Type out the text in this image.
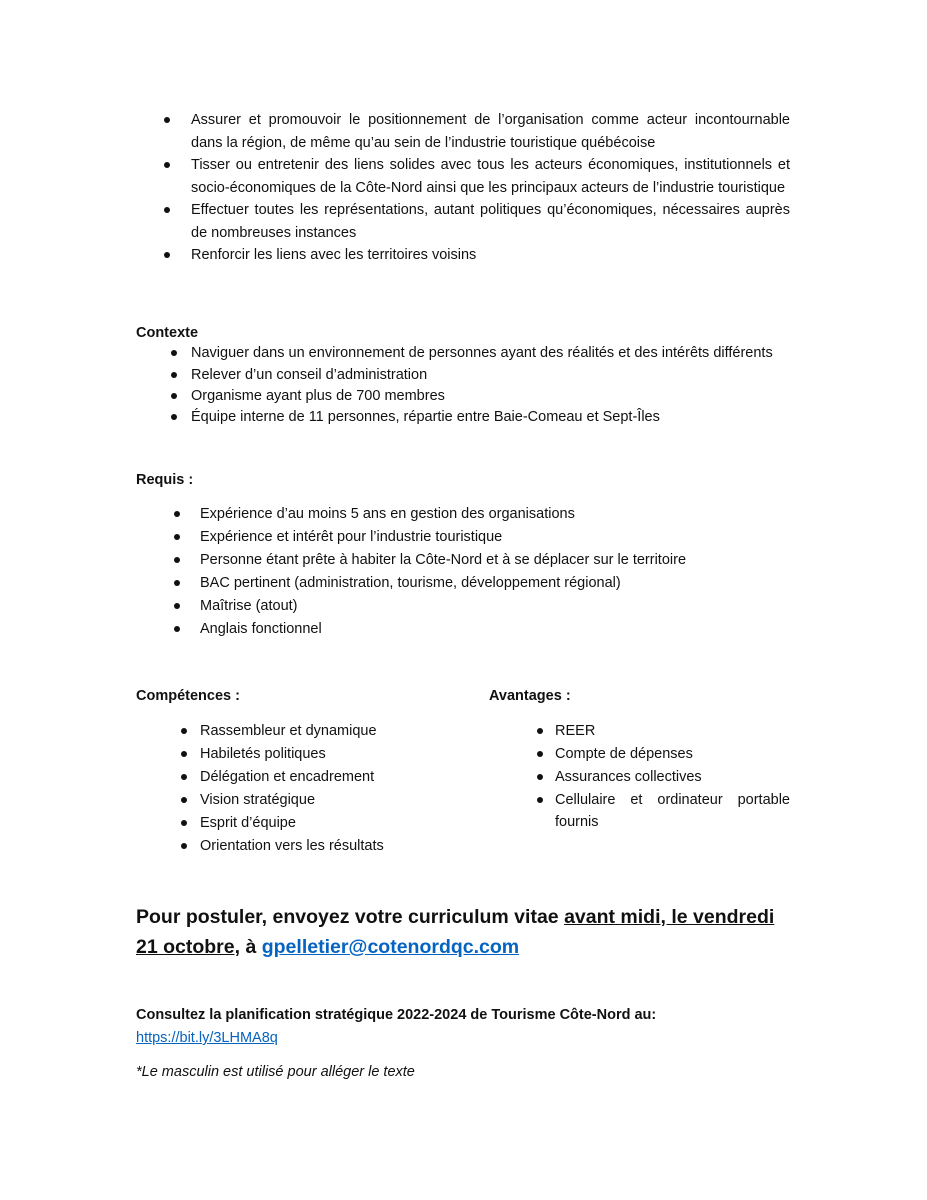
Assurer et promouvoir le positionnement de l’organisation comme acteur incontournable dans la région, de même qu’au sein de l’industrie touristique québécoise
Tisser ou entretenir des liens solides avec tous les acteurs économiques, institutionnels et socio-économiques de la Côte-Nord ainsi que les principaux acteurs de l’industrie touristique
Effectuer toutes les représentations, autant politiques qu’économiques, nécessaires auprès de nombreuses instances
Renforcir les liens avec les territoires voisins
Contexte
Naviguer dans un environnement de personnes ayant des réalités et des intérêts différents
Relever d’un conseil d’administration
Organisme ayant plus de 700 membres
Équipe interne de 11 personnes, répartie entre Baie-Comeau et Sept-Îles
Requis :
Expérience d’au moins 5 ans en gestion des organisations
Expérience et intérêt pour l’industrie touristique
Personne étant prête à habiter la Côte-Nord et à se déplacer sur le territoire
BAC pertinent (administration, tourisme, développement régional)
Maîtrise (atout)
Anglais fonctionnel
Compétences :
Rassembleur et dynamique
Habiletés politiques
Délégation et encadrement
Vision stratégique
Esprit d’équipe
Orientation vers les résultats
Avantages :
REER
Compte de dépenses
Assurances collectives
Cellulaire et ordinateur portable fournis
Pour postuler, envoyez votre curriculum vitae avant midi, le vendredi 21 octobre, à gpelletier@cotenordqc.com
Consultez la planification stratégique 2022-2024 de Tourisme Côte-Nord au:
https://bit.ly/3LHMA8q
*Le masculin est utilisé pour alléger le texte
